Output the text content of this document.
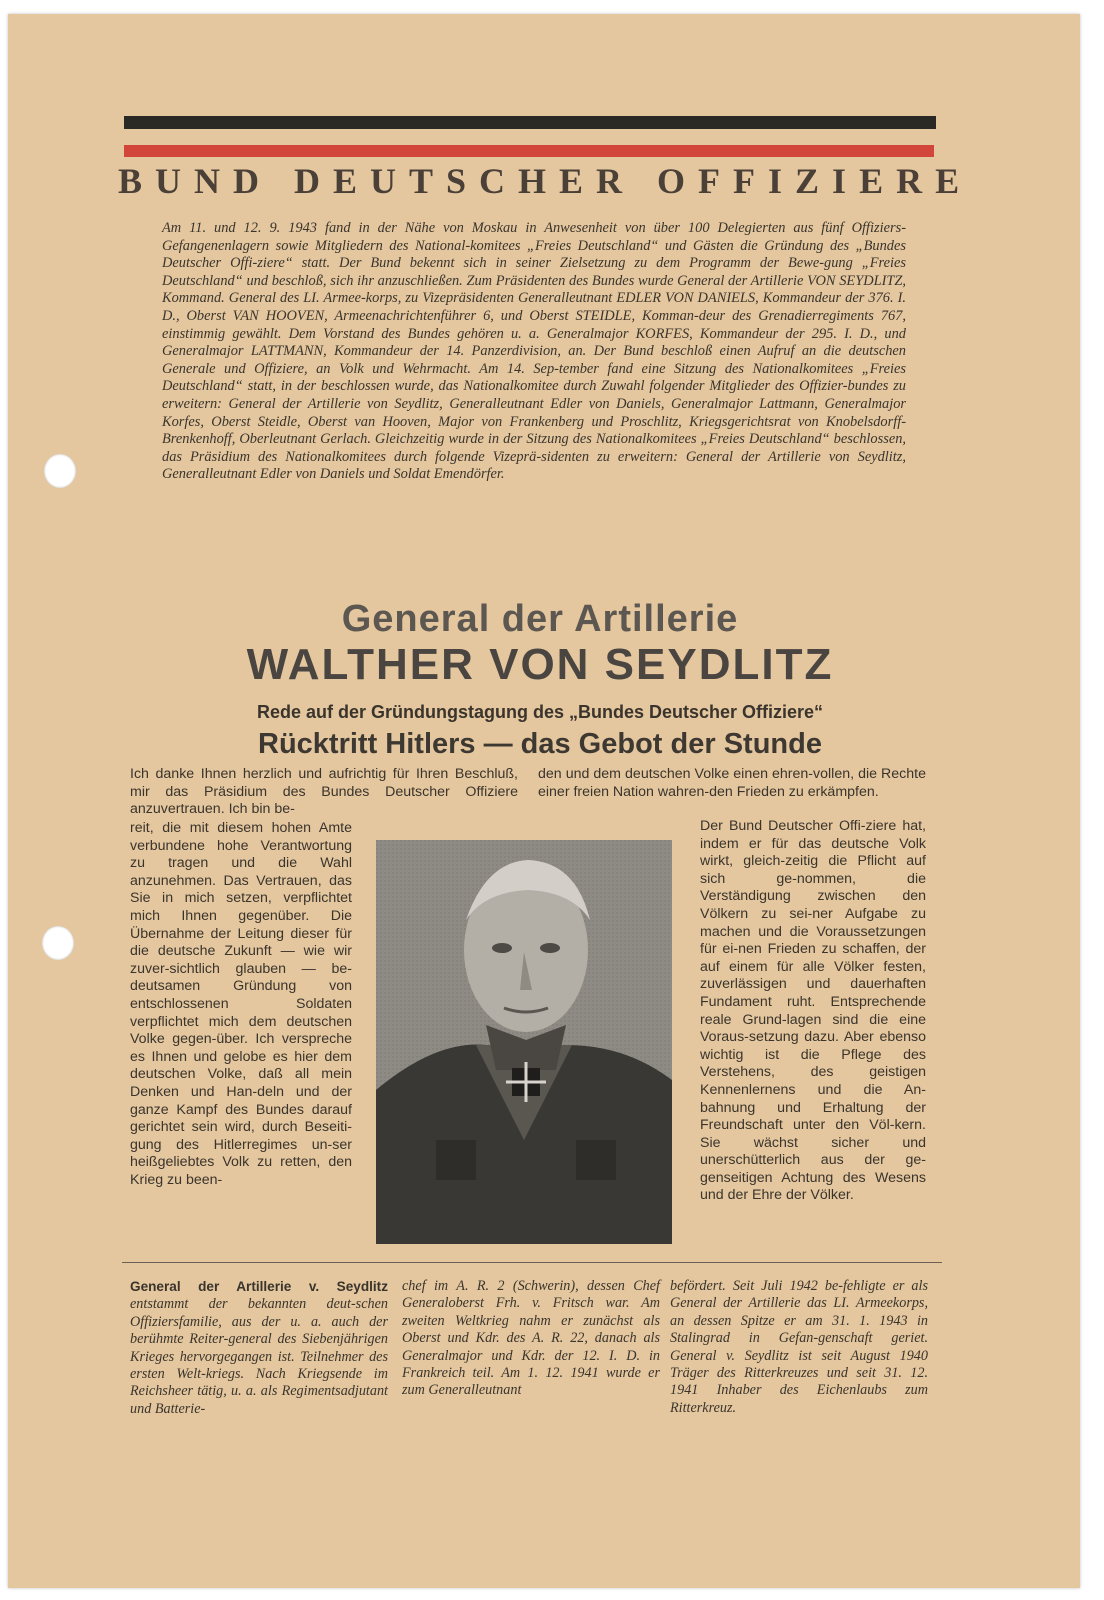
BUND DEUTSCHER OFFIZIERE
Am 11. und 12. 9. 1943 fand in der Nähe von Moskau in Anwesenheit von über 100 Delegierten aus fünf Offiziers-Gefangenenlagern sowie Mitgliedern des National-komitees „Freies Deutschland“ und Gästen die Gründung des „Bundes Deutscher Offi-ziere“ statt. Der Bund bekennt sich in seiner Zielsetzung zu dem Programm der Bewe-gung „Freies Deutschland“ und beschloß, sich ihr anzuschließen. Zum Präsidenten des Bundes wurde General der Artillerie VON SEYDLITZ, Kommand. General des LI. Armee-korps, zu Vizepräsidenten Generalleutnant EDLER VON DANIELS, Kommandeur der 376. I. D., Oberst VAN HOOVEN, Armeenachrichtenführer 6, und Oberst STEIDLE, Komman-deur des Grenadierregiments 767, einstimmig gewählt. Dem Vorstand des Bundes gehören u. a. Generalmajor KORFES, Kommandeur der 295. I. D., und Generalmajor LATTMANN, Kommandeur der 14. Panzerdivision, an. Der Bund beschloß einen Aufruf an die deutschen Generale und Offiziere, an Volk und Wehrmacht. Am 14. Sep-tember fand eine Sitzung des Nationalkomitees „Freies Deutschland“ statt, in der beschlossen wurde, das Nationalkomitee durch Zuwahl folgender Mitglieder des Offizier-bundes zu erweitern: General der Artillerie von Seydlitz, Generalleutnant Edler von Daniels, Generalmajor Lattmann, Generalmajor Korfes, Oberst Steidle, Oberst van Hooven, Major von Frankenberg und Proschlitz, Kriegsgerichtsrat von Knobelsdorff-Brenkenhoff, Oberleutnant Gerlach. Gleichzeitig wurde in der Sitzung des Nationalkomitees „Freies Deutschland“ beschlossen, das Präsidium des Nationalkomitees durch folgende Vizeprä-sidenten zu erweitern: General der Artillerie von Seydlitz, Generalleutnant Edler von Daniels und Soldat Emendörfer.
General der Artillerie
WALTHER VON SEYDLITZ
Rede auf der Gründungstagung des „Bundes Deutscher Offiziere“
Rücktritt Hitlers — das Gebot der Stunde
Ich danke Ihnen herzlich und aufrichtig für Ihren Beschluß, mir das Präsidium des Bundes Deutscher Offiziere anzuvertrauen. Ich bin be-
reit, die mit diesem hohen Amte verbundene hohe Verantwortung zu tragen und die Wahl anzunehmen. Das Vertrauen, das Sie in mich setzen, verpflichtet mich Ihnen gegenüber. Die Übernahme der Leitung dieser für die deutsche Zukunft — wie wir zuver-sichtlich glauben — be-deutsamen Gründung von entschlossenen Soldaten verpflichtet mich dem deutschen Volke gegen-über. Ich verspreche es Ihnen und gelobe es hier dem deutschen Volke, daß all mein Denken und Han-deln und der ganze Kampf des Bundes darauf gerichtet sein wird, durch Beseiti-gung des Hitlerregimes un-ser heißgeliebtes Volk zu retten, den Krieg zu been-
den und dem deutschen Volke einen ehren-vollen, die Rechte einer freien Nation wahren-den Frieden zu erkämpfen.
Der Bund Deutscher Offi-ziere hat, indem er für das deutsche Volk wirkt, gleich-zeitig die Pflicht auf sich ge-nommen, die Verständigung zwischen den Völkern zu sei-ner Aufgabe zu machen und die Voraussetzungen für ei-nen Frieden zu schaffen, der auf einem für alle Völker festen, zuverlässigen und dauerhaften Fundament ruht. Entsprechende reale Grund-lagen sind die eine Voraus-setzung dazu. Aber ebenso wichtig ist die Pflege des Verstehens, des geistigen Kennenlernens und die An-bahnung und Erhaltung der Freundschaft unter den Völ-kern. Sie wächst sicher und unerschütterlich aus der ge-genseitigen Achtung des Wesens und der Ehre der Völker.
General der Artillerie v. Seydlitz entstammt der bekannten deut-schen Offiziersfamilie, aus der u. a. auch der berühmte Reiter-general des Siebenjährigen Krieges hervorgegangen ist. Teilnehmer des ersten Welt-kriegs. Nach Kriegsende im Reichsheer tätig, u. a. als Regimentsadjutant und Batterie-
chef im A. R. 2 (Schwerin), dessen Chef Generaloberst Frh. v. Fritsch war. Am zweiten Weltkrieg nahm er zunächst als Oberst und Kdr. des A. R. 22, danach als Generalmajor und Kdr. der 12. I. D. in Frankreich teil. Am 1. 12. 1941 wurde er zum Generalleutnant
befördert. Seit Juli 1942 be-fehligte er als General der Artillerie das LI. Armeekorps, an dessen Spitze er am 31. 1. 1943 in Stalingrad in Gefan-genschaft geriet. General v. Seydlitz ist seit August 1940 Träger des Ritterkreuzes und seit 31. 12. 1941 Inhaber des Eichenlaubs zum Ritterkreuz.
